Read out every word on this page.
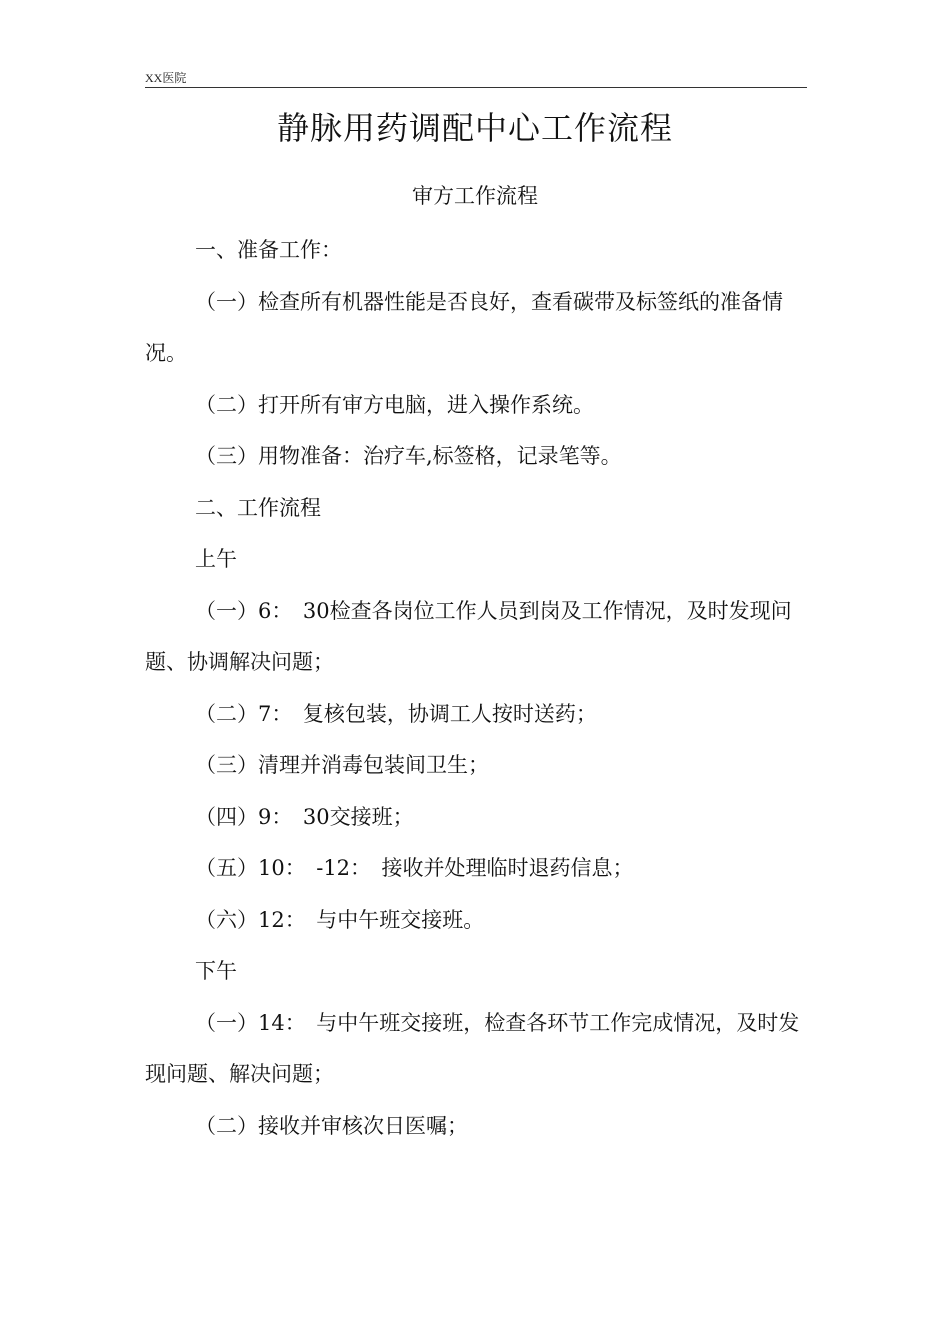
XX医院
静脉用药调配中心工作流程
审方工作流程

一、准备工作：

（一）检查所有机器性能是否良好，查看碳带及标签纸的准备情况。

（二）打开所有审方电脑，进入操作系统。

（三）用物准备：治疗车,标签格，记录笔等。

二、工作流程

上午

（一）6：　30检查各岗位工作人员到岗及工作情况，及时发现问题、协调解决问题；

（二）7：　复核包装，协调工人按时送药；

（三）清理并消毒包装间卫生；

（四）9：　30交接班；

（五）10：　-12：　接收并处理临时退药信息；

（六）12：　与中午班交接班。

下午

（一）14：　与中午班交接班，检查各环节工作完成情况，及时发现问题、解决问题；

（二）接收并审核次日医嘱；
